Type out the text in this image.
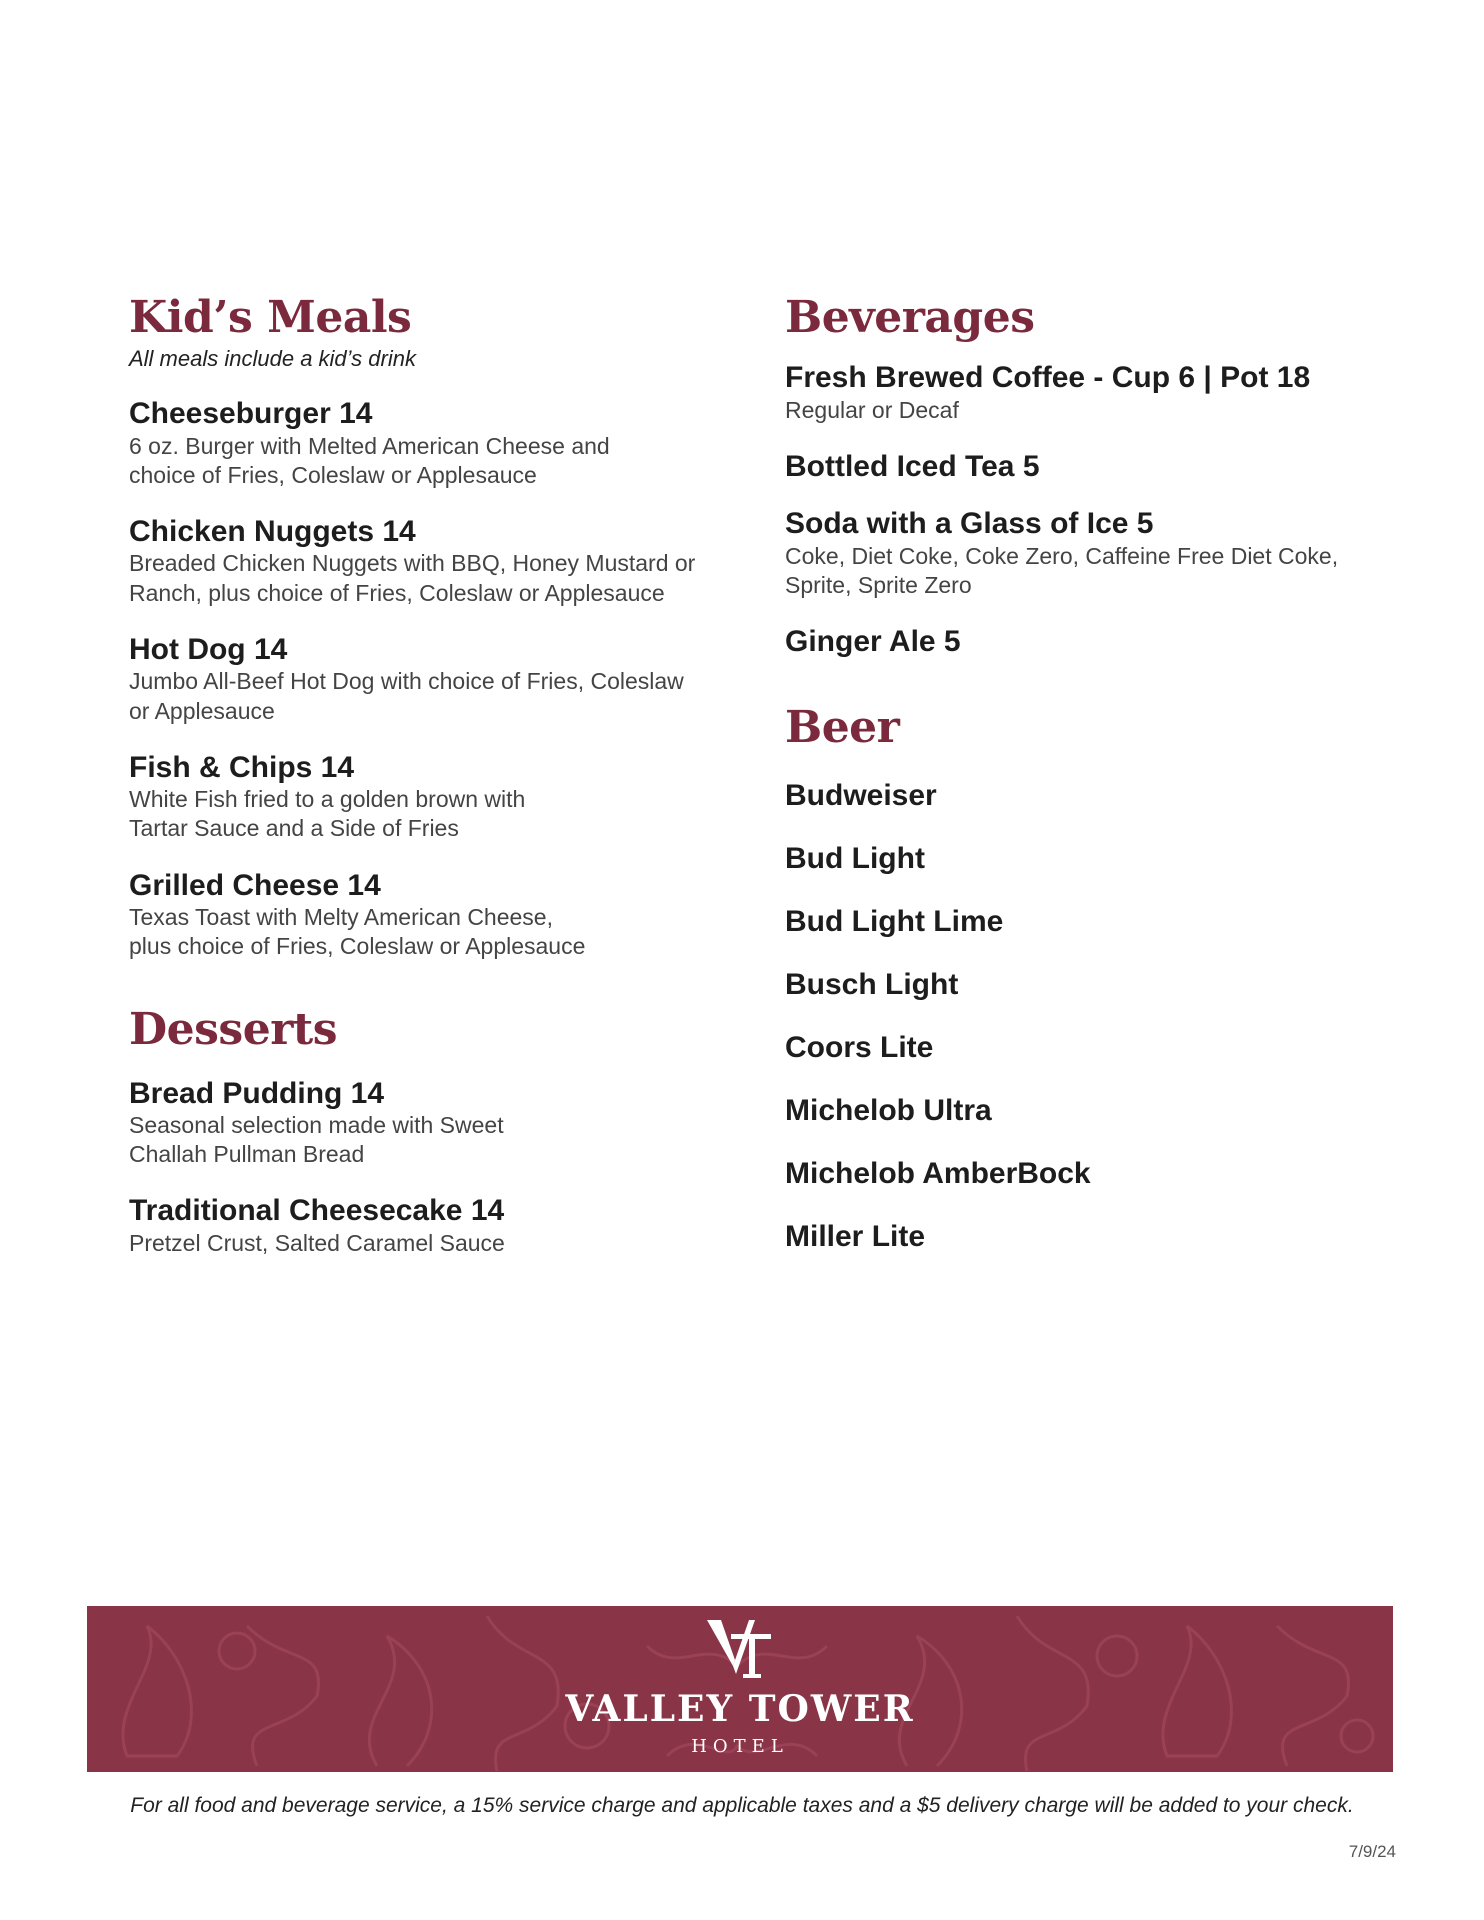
Kid’s Meals
All meals include a kid’s drink
Cheeseburger 14
6 oz. Burger with Melted American Cheese and
choice of Fries, Coleslaw or Applesauce
Chicken Nuggets 14
Breaded Chicken Nuggets with BBQ, Honey Mustard or
Ranch, plus choice of Fries, Coleslaw or Applesauce
Hot Dog 14
Jumbo All-Beef Hot Dog with choice of Fries, Coleslaw
or Applesauce
Fish & Chips 14
White Fish fried to a golden brown with
Tartar Sauce and a Side of Fries
Grilled Cheese 14
Texas Toast with Melty American Cheese,
plus choice of Fries, Coleslaw or Applesauce
Desserts
Bread Pudding 14
Seasonal selection made with Sweet
Challah Pullman Bread
Traditional Cheesecake 14
Pretzel Crust, Salted Caramel Sauce
Beverages
Fresh Brewed Coffee - Cup 6 | Pot 18
Regular or Decaf
Bottled Iced Tea 5
Soda with a Glass of Ice 5
Coke, Diet Coke, Coke Zero, Caffeine Free Diet Coke,
Sprite, Sprite Zero
Ginger Ale 5
Beer
Budweiser
Bud Light
Bud Light Lime
Busch Light
Coors Lite
Michelob Ultra
Michelob AmberBock
Miller Lite
VALLEY TOWER
HOTEL
For all food and beverage service, a 15% service charge and applicable taxes and a $5 delivery charge will be added to your check.
7/9/24
